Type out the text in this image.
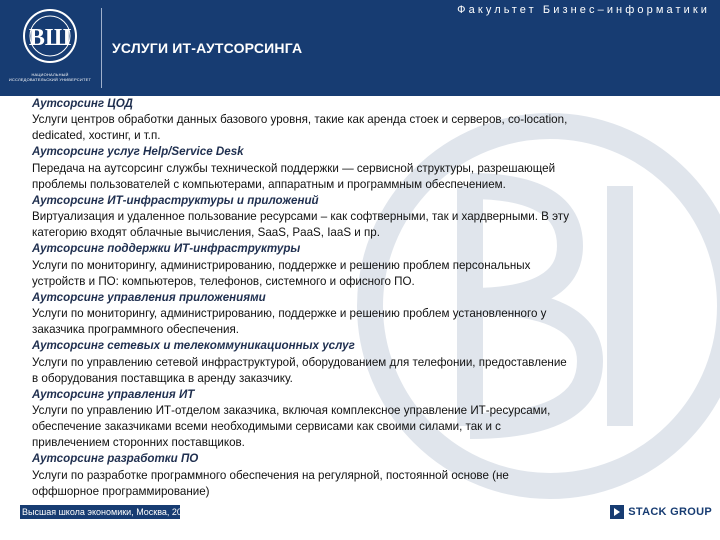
ВШ
НАЦИОНАЛЬНЫЙ ИССЛЕДОВАТЕЛЬСКИЙ УНИВЕРСИТЕТ
Факультет Бизнес–информатики
УСЛУГИ ИТ-АУТСОРСИНГА
Аутсорсинг ЦОД
Услуги центров обработки данных базового уровня, такие как аренда стоек и серверов, co-location,
dedicated, хостинг, и т.п.
Аутсорсинг услуг Help/Service Desk
Передача на аутсорсинг службы технической поддержки — сервисной структуры, разрешающей
проблемы пользователей с компьютерами, аппаратным и программным обеспечением.
Аутсорсинг ИТ-инфраструктуры и приложений
Виртуализация и удаленное пользование ресурсами – как софтверными, так и хардверными. В эту
категорию входят облачные вычисления, SaaS, PaaS, IaaS и пр.
Аутсорсинг поддержки ИТ-инфраструктуры
Услуги по мониторингу, администрированию, поддержке и решению проблем персональных
устройств и ПО: компьютеров, телефонов, системного и офисного ПО.
Аутсорсинг управления приложениями
Услуги по мониторингу, администрированию, поддержке и решению проблем установленного у
заказчика программного обеспечения.
Аутсорсинг сетевых и телекоммуникационных услуг
Услуги по управлению сетевой инфраструктурой, оборудованием для телефонии, предоставление
в оборудования поставщика в аренду заказчику.
Аутсорсинг управления ИТ
Услуги по управлению ИТ-отделом заказчика, включая комплексное управление ИТ-ресурсами,
обеспечение заказчиками всеми необходимыми сервисами как своими силами, так и с
привлечением сторонних поставщиков.
Аутсорсинг разработки ПО
Услуги по разработке программного обеспечения на регулярной, постоянной основе (не
оффшорное программирование)
Высшая школа экономики, Москва, 2012	STACK GROUP
